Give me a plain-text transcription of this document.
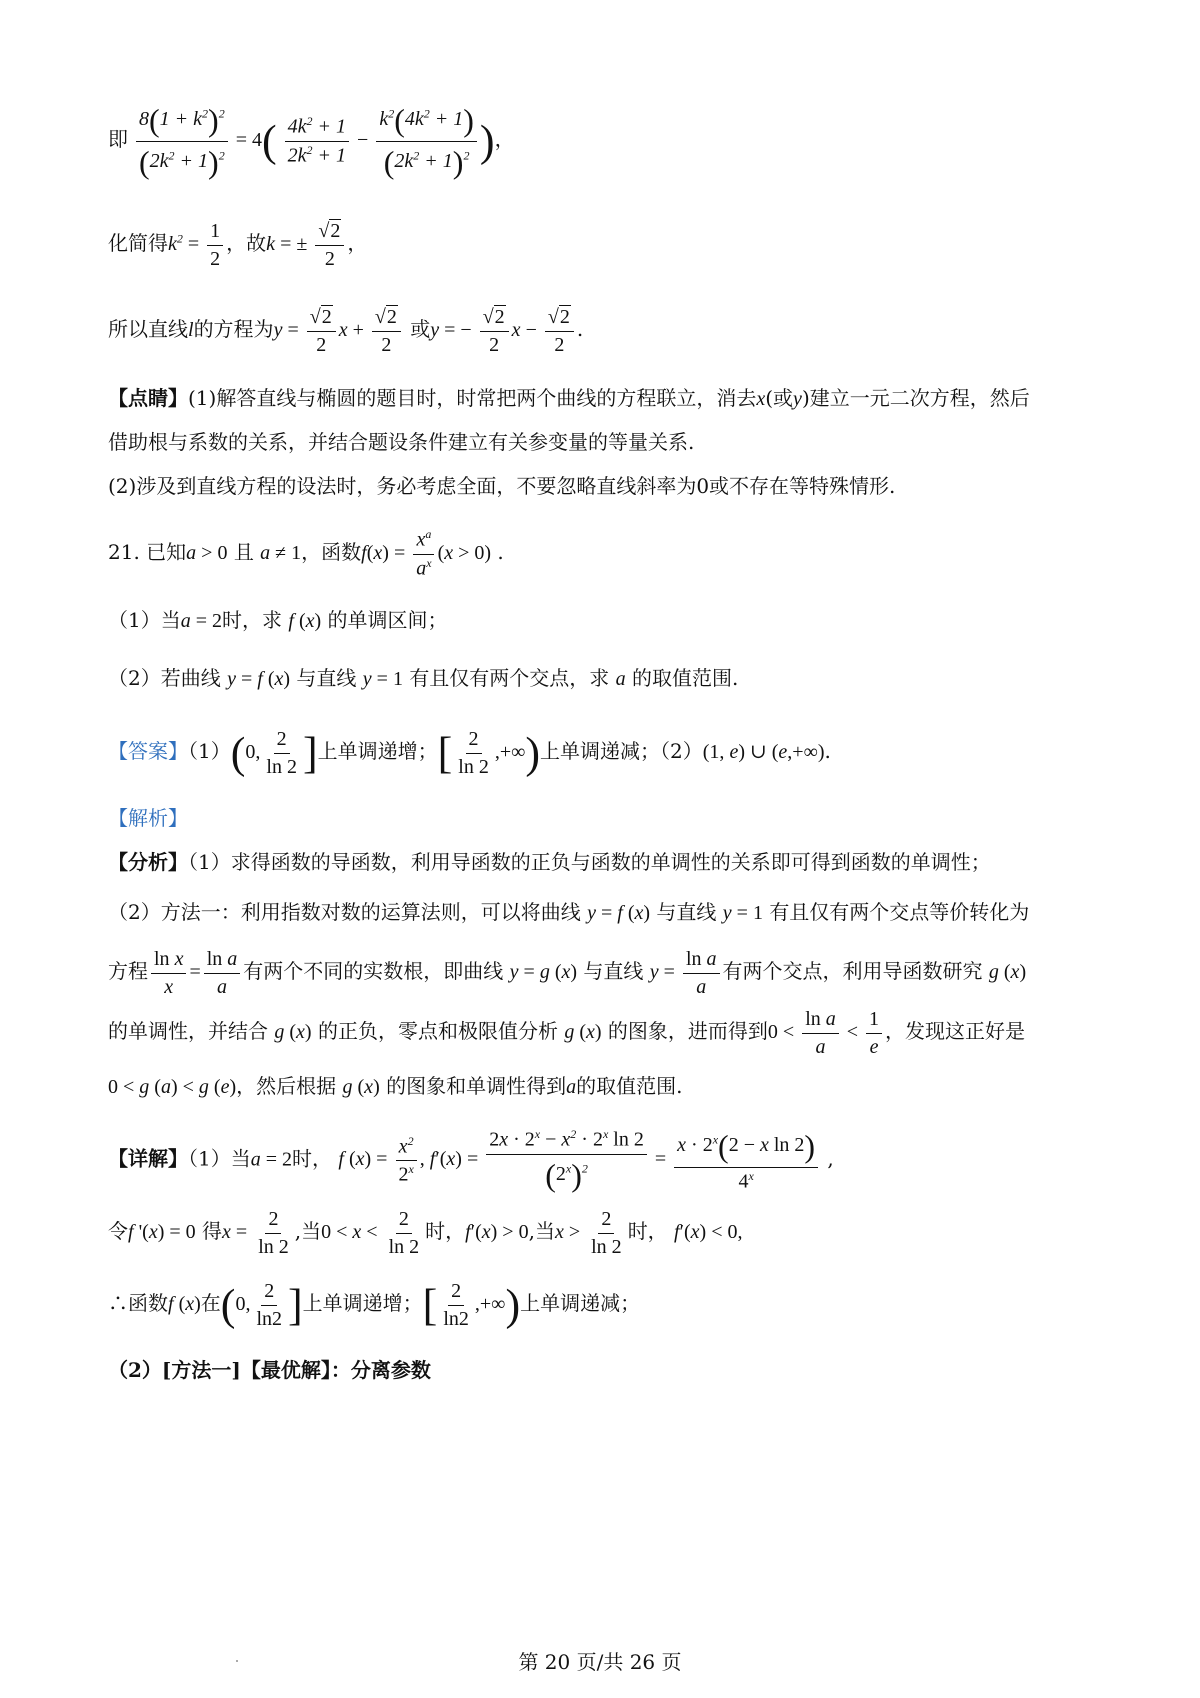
即 $\frac{8(1 + k^2)^2}{(2k^2 + 1)^2} = 4( \frac{4k^2 + 1}{2k^2 + 1} - \frac{k^2(4k^2 + 1)}{(2k^2 + 1)^2}$ )，
化简得$k^2 = \frac{1}{2}$ ，故k = ± $\frac{√2}{2}$ ，
所以直线l的方程为$y = \frac{√2}{2}$ $x + \frac{√2}{2}$ 或y = − $\frac{√2}{2}$ $x - \frac{√2}{2}$ .
【点睛】(1)解答直线与椭圆的题目时，时常把两个曲线的方程联立，消去x(或y)建立一元二次方程，然后
借助根与系数的关系，并结合题设条件建立有关参变量的等量关系.
(2)涉及到直线方程的设法时，务必考虑全面，不要忽略直线斜率为0或不存在等特殊情形.
21. 已知a > 0 且 a ≠ 1，函数$f(x) = \frac{x^a}{a^x} (x > 0)$ .
（1）当a = 2时，求 f (x) 的单调区间；
（2）若曲线 y = f (x) 与直线 y = 1 有且仅有两个交点，求 a 的取值范围.
【答案】（1）(0, $\frac{2}{\ln 2}$ ]上单调递增；[ $\frac{2}{\ln 2}$ ,+∞)上单调递减；（2）(1, e) ∪ (e,+∞).
【解析】
【分析】（1）求得函数的导函数，利用导函数的正负与函数的单调性的关系即可得到函数的单调性；
（2）方法一：利用指数对数的运算法则，可以将曲线 y = f (x) 与直线 y = 1 有且仅有两个交点等价转化为
方程 $\frac{\text{ln x}}{x} = \frac{\text{ln a}}{a}$ 有两个不同的实数根，即曲线 y = g (x) 与直线 $y = \frac{\text{ln a}}{a}$ 有两个交点，利用导函数研究 g (x)
的单调性，并结合 g (x) 的正负，零点和极限值分析 g (x) 的图象，进而得到$0 < \frac{\text{ln a}}{a} < \frac{1}{e}$ ，发现这正好是
0 < g (a) < g (e)，然后根据 g (x) 的图象和单调性得到a的取值范围.
【详解】（1）当a = 2时， f $(x) = \frac{x^2}{2^x}$ , $f'(x) = \frac{2x \cdot 2^x - x^2 \cdot 2^x \ln 2}{(2^x)^2} = \frac{x \cdot 2^x(2 - x \ln 2)}{4^x}$ ,
令f '(x) = 0 得$x = \frac{2}{\ln 2}$ ,当$0 < x < \frac{2}{\ln 2}$ 时，f′(x) > 0,当$x > \frac{2}{\ln 2}$ 时， f′(x) < 0,
∴函数f (x)在(0, $\frac{2}{\ln 2}$ ]上单调递增；[ $\frac{2}{\ln 2}$ ,+∞)上单调递减；
（2）[方法一]【最优解】：分离参数
第 20 页/共 26 页
